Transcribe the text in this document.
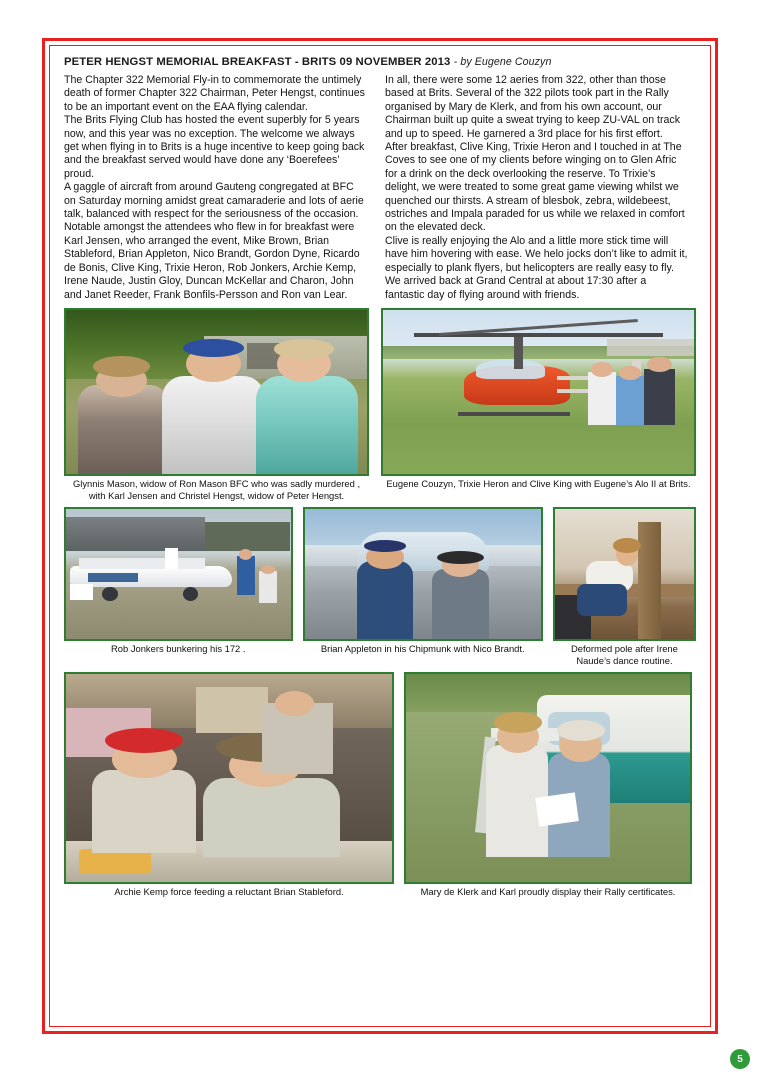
PETER HENGST MEMORIAL BREAKFAST - BRITS 09 NOVEMBER 2013 - by Eugene Couzyn

The Chapter 322 Memorial Fly-in to commemorate the untimely death of former Chapter 322 Chairman, Peter Hengst, continues to be an important event on the EAA flying calendar.

The Brits Flying Club has hosted the event superbly for 5 years now, and this year was no exception. The welcome we always get when flying in to Brits is a huge incentive to keep going back and the breakfast served would have done any ‘Boerefees’ proud.

A gaggle of aircraft from around Gauteng congregated at BFC on Saturday morning amidst great camaraderie and lots of aerie talk, balanced with respect for the seriousness of the occasion.

Notable amongst the attendees who flew in for breakfast were Karl Jensen, who arranged the event, Mike Brown, Brian Stableford, Brian Appleton, Nico Brandt, Gordon Dyne, Ricardo de Bonis, Clive King, Trixie Heron, Rob Jonkers, Archie Kemp, Irene Naude, Justin Gloy, Duncan McKellar and Charon, John and Janet Reeder, Frank Bonfils-Persson and Ron van Lear.

In all, there were some 12 aeries from 322, other than those based at Brits. Several of the 322 pilots took part in the Rally organised by Mary de Klerk, and from his own account, our Chairman built up quite a sweat trying to keep ZU-VAL on track and up to speed. He garnered a 3rd place for his first effort.

After breakfast, Clive King, Trixie Heron and I touched in at The Coves to see one of my clients before winging on to Glen Afric for a drink on the deck overlooking the reserve. To Trixie’s delight, we were treated to some great game viewing whilst we quenched our thirsts. A stream of blesbok, zebra, wildebeest, ostriches and Impala paraded for us while we relaxed in comfort on the elevated deck.

Clive is really enjoying the Alo and a little more stick time will have him hovering with ease. We helo jocks don’t like to admit it, especially to plank flyers, but helicopters are really easy to fly.

We arrived back at Grand Central at about 17:30 after a fantastic day of flying around with friends.

Glynnis Mason, widow of Ron Mason BFC who was sadly murdered , with Karl Jensen and Christel Hengst, widow of Peter Hengst.
Eugene Couzyn, Trixie Heron and Clive King with Eugene’s Alo II at Brits.
Rob Jonkers bunkering his 172 .	Brian Appleton in his Chipmunk with Nico Brandt.	Deformed pole after Irene Naude’s dance routine.
Archie Kemp force feeding a reluctant Brian Stableford.	Mary de Klerk and Karl proudly display their Rally certificates.
5
